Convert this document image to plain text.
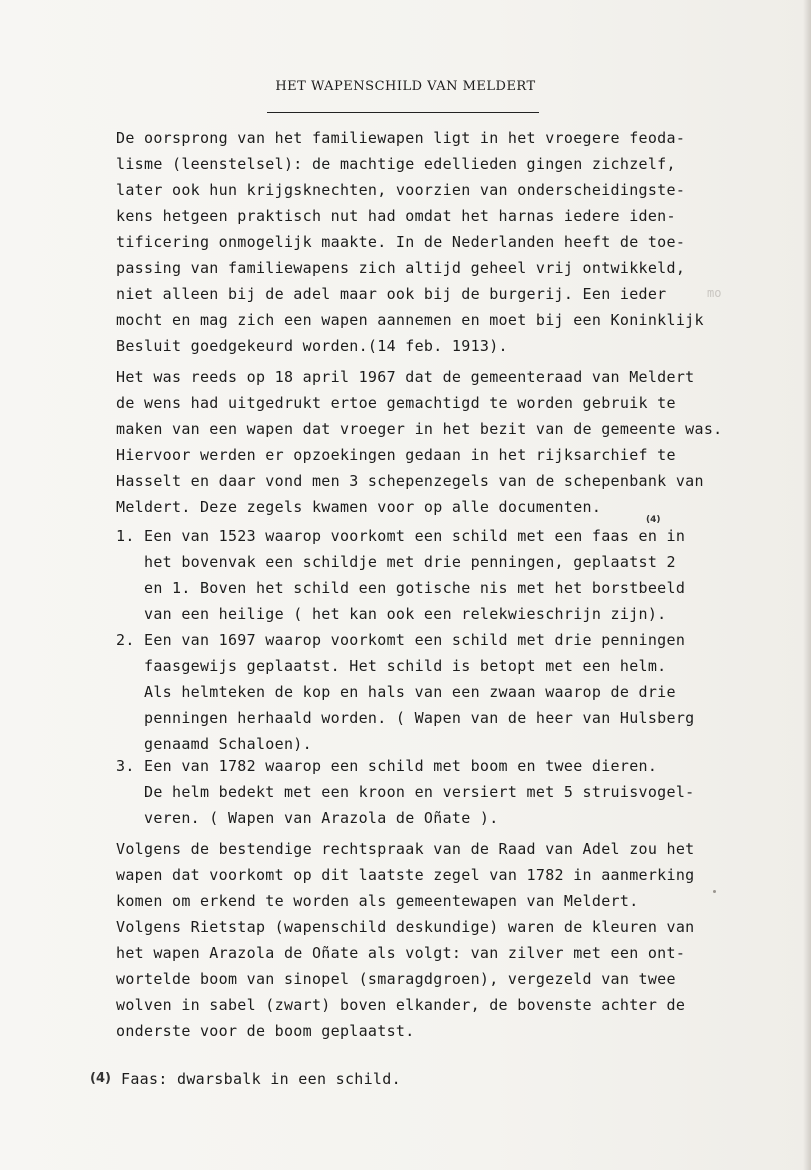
HET WAPENSCHILD VAN MELDERT
De oorsprong van het familiewapen ligt in het vroegere feoda-
lisme (leenstelsel): de machtige edellieden gingen zichzelf,
later ook hun krijgsknechten, voorzien van onderscheidingste-
kens hetgeen praktisch nut had omdat het harnas iedere iden-
tificering onmogelijk maakte. In de Nederlanden heeft de toe-
passing van familiewapens zich altijd geheel vrij ontwikkeld,
niet alleen bij de adel maar ook bij de burgerij. Een ieder
mocht en mag zich een wapen aannemen en moet bij een Koninklijk
Besluit goedgekeurd worden.(14 feb. 1913).
mo
Het was reeds op 18 april 1967 dat de gemeenteraad van Meldert
de wens had uitgedrukt ertoe gemachtigd te worden gebruik te
maken van een wapen dat vroeger in het bezit van de gemeente was.
Hiervoor werden er opzoekingen gedaan in het rijksarchief te
Hasselt en daar vond men 3 schepenzegels van de schepenbank van
Meldert. Deze zegels kwamen voor op alle documenten.
1. Een van 1523 waarop voorkomt een schild met een faas en in
(4)
het bovenvak een schildje met drie penningen, geplaatst 2
en 1. Boven het schild een gotische nis met het borstbeeld
van een heilige ( het kan ook een relekwieschrijn zijn).
2. Een van 1697 waarop voorkomt een schild met drie penningen
faasgewijs geplaatst. Het schild is betopt met een helm.
Als helmteken de kop en hals van een zwaan waarop de drie
penningen herhaald worden. ( Wapen van de heer van Hulsberg
genaamd Schaloen).
3. Een van 1782 waarop een schild met boom en twee dieren.
De helm bedekt met een kroon en versiert met 5 struisvogel-
veren. ( Wapen van Arazola de Oñate ).
Volgens de bestendige rechtspraak van de Raad van Adel zou het
wapen dat voorkomt op dit laatste zegel van 1782 in aanmerking
komen om erkend te worden als gemeentewapen van Meldert.
Volgens Rietstap (wapenschild deskundige) waren de kleuren van
het wapen Arazola de Oñate als volgt: van zilver met een ont-
wortelde boom van sinopel (smaragdgroen), vergezeld van twee
wolven in sabel (zwart) boven elkander, de bovenste achter de
onderste voor de boom geplaatst.
(4) Faas: dwarsbalk in een schild.
